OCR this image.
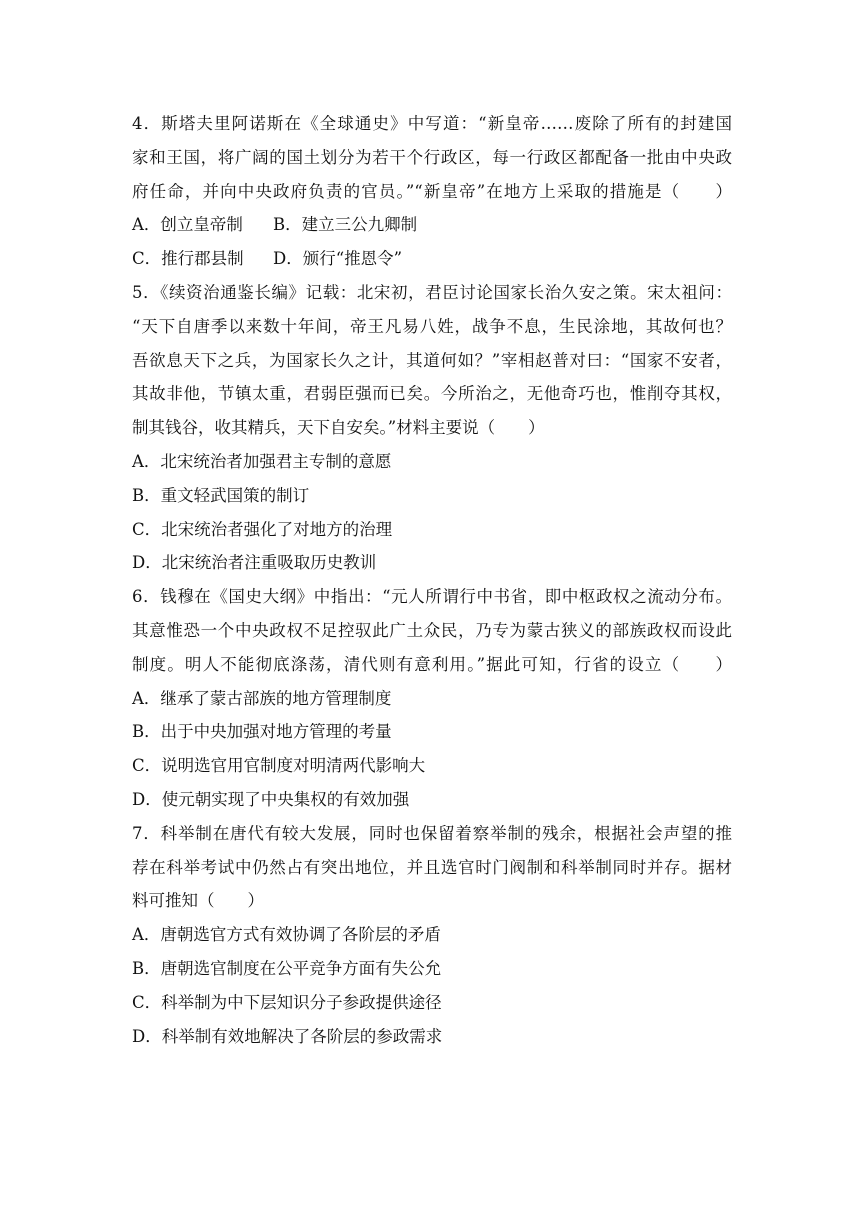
4．斯塔夫里阿诺斯在《全球通史》中写道：“新皇帝……废除了所有的封建国
家和王国，将广阔的国土划分为若干个行政区，每一行政区都配备一批由中央政
府任命，并向中央政府负责的官员。”“新皇帝”在地方上采取的措施是（　　）
A．创立皇帝制 B．建立三公九卿制
C．推行郡县制 D．颁行“推恩令”
5．《续资治通鉴长编》记载：北宋初，君臣讨论国家长治久安之策。宋太祖问：
“天下自唐季以来数十年间，帝王凡易八姓，战争不息，生民涂地，其故何也？
吾欲息天下之兵，为国家长久之计，其道何如？”宰相赵普对曰：“国家不安者，
其故非他，节镇太重，君弱臣强而已矣。今所治之，无他奇巧也，惟削夺其权，
制其钱谷，收其精兵，天下自安矣。”材料主要说（　　）
A．北宋统治者加强君主专制的意愿
B．重文轻武国策的制订
C．北宋统治者强化了对地方的治理
D．北宋统治者注重吸取历史教训
6．钱穆在《国史大纲》中指出：“元人所谓行中书省，即中枢政权之流动分布。
其意惟恐一个中央政权不足控驭此广土众民，乃专为蒙古狭义的部族政权而设此
制度。明人不能彻底涤荡，清代则有意利用。”据此可知，行省的设立（　　）
A．继承了蒙古部族的地方管理制度
B．出于中央加强对地方管理的考量
C．说明选官用官制度对明清两代影响大
D．使元朝实现了中央集权的有效加强
7．科举制在唐代有较大发展，同时也保留着察举制的残余，根据社会声望的推
荐在科举考试中仍然占有突出地位，并且选官时门阀制和科举制同时并存。据材
料可推知（　　）
A．唐朝选官方式有效协调了各阶层的矛盾
B．唐朝选官制度在公平竞争方面有失公允
C．科举制为中下层知识分子参政提供途径
D．科举制有效地解决了各阶层的参政需求
